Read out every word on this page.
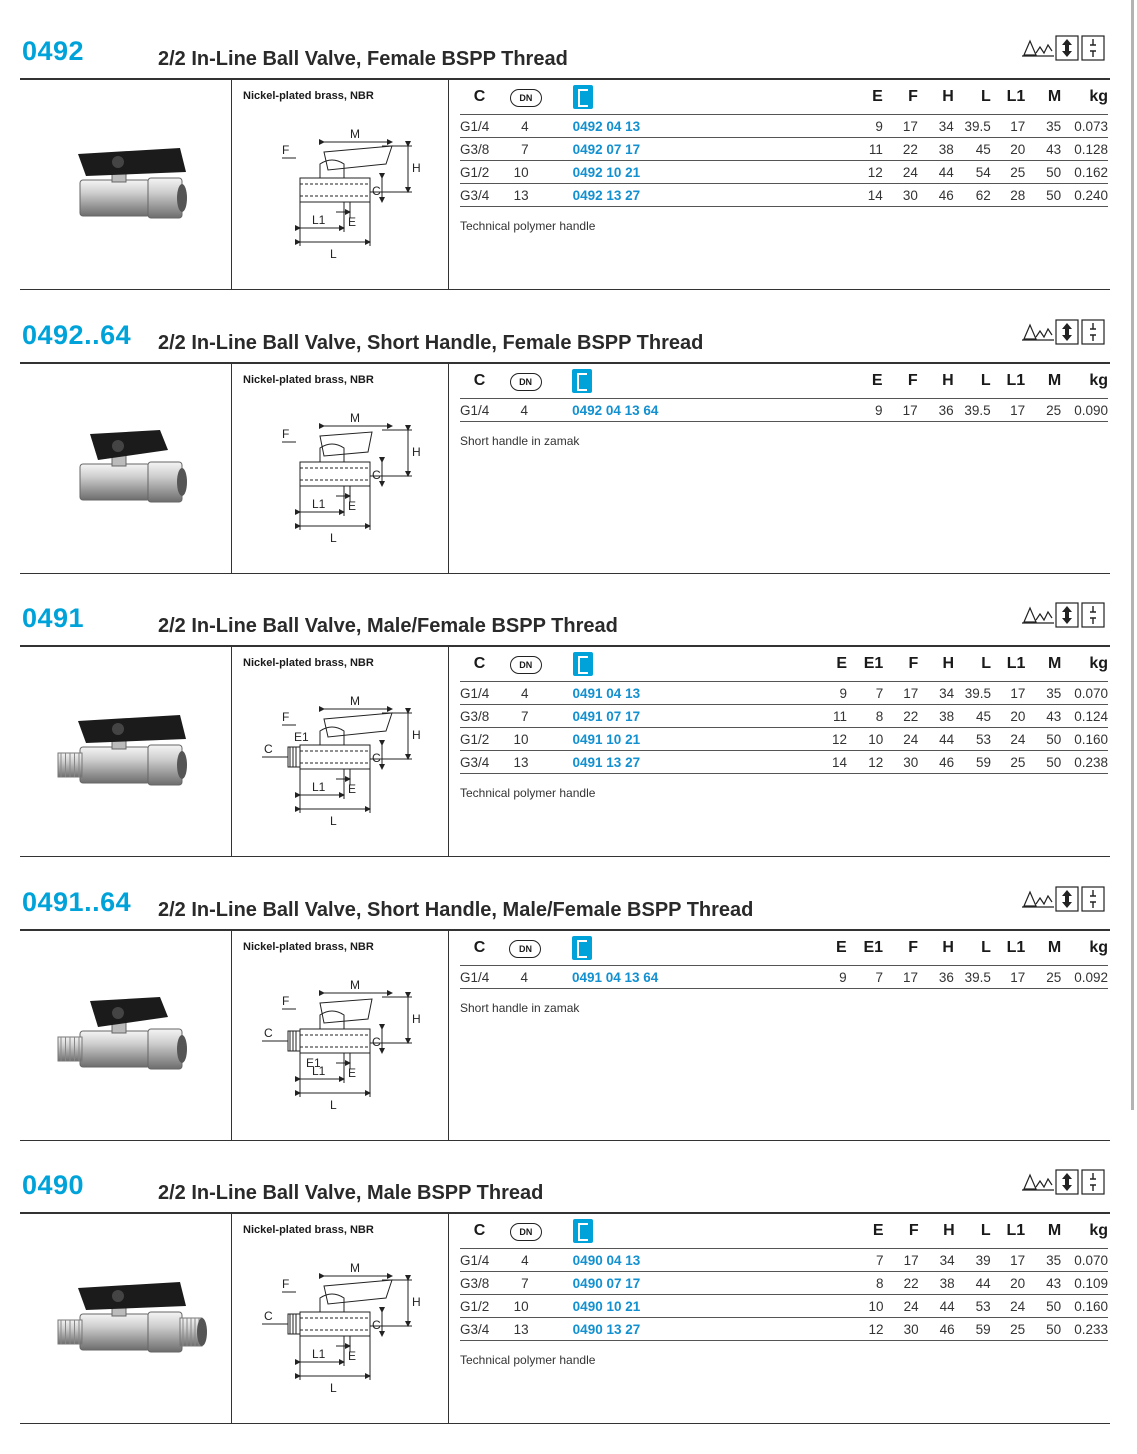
0492	2/2 In-Line Ball Valve, Female BSPP Thread
Nickel-plated brass, NBR
M
H
C
F
L1
L
E
C	DN		E	F	H	L	L1	M	kg
G1/4	4	0492 04 13	9	17	34	39.5	17	35	0.073
G3/8	7	0492 07 17	11	22	38	45	20	43	0.128
G1/2	10	0492 10 21	12	24	44	54	25	50	0.162
G3/4	13	0492 13 27	14	30	46	62	28	50	0.240
Technical polymer handle
0492..64 2/2 In-Line Ball Valve, Short Handle, Female BSPP Thread
Nickel-plated brass, NBR
M
H
C
F
L1
L
E
C	DN		E	F	H	L	L1	M	kg
G1/4	4	0492 04 13 64	9	17	36	39.5	17	25	0.090
Short handle in zamak
0491	2/2 In-Line Ball Valve, Male/Female BSPP Thread
Nickel-plated brass, NBR
C
M
H
C
F
L1
L
E
E1
C	DN		E	E1	F	H	L	L1	M	kg
G1/4	4	0491 04 13	9	7	17	34	39.5	17	35	0.070
G3/8	7	0491 07 17	11	8	22	38	45	20	43	0.124
G1/2	10	0491 10 21	12	10	24	44	53	24	50	0.160
G3/4	13	0491 13 27	14	12	30	46	59	25	50	0.238
Technical polymer handle
0491..64 2/2 In-Line Ball Valve, Short Handle, Male/Female BSPP Thread
Nickel-plated brass, NBR
C
M
H
C
F
L1
L
E
E1
C	DN		E	E1	F	H	L	L1	M	kg
G1/4	4	0491 04 13 64	9	7	17	36	39.5	17	25	0.092
Short handle in zamak
0490	2/2 In-Line Ball Valve, Male BSPP Thread
Nickel-plated brass, NBR
C
M
H
C
F
L1
L
E
C	DN		E	F	H	L	L1	M	kg
G1/4	4	0490 04 13	7	17	34	39	17	35	0.070
G3/8	7	0490 07 17	8	22	38	44	20	43	0.109
G1/2	10	0490 10 21	10	24	44	53	24	50	0.160
G3/4	13	0490 13 27	12	30	46	59	25	50	0.233
Technical polymer handle
